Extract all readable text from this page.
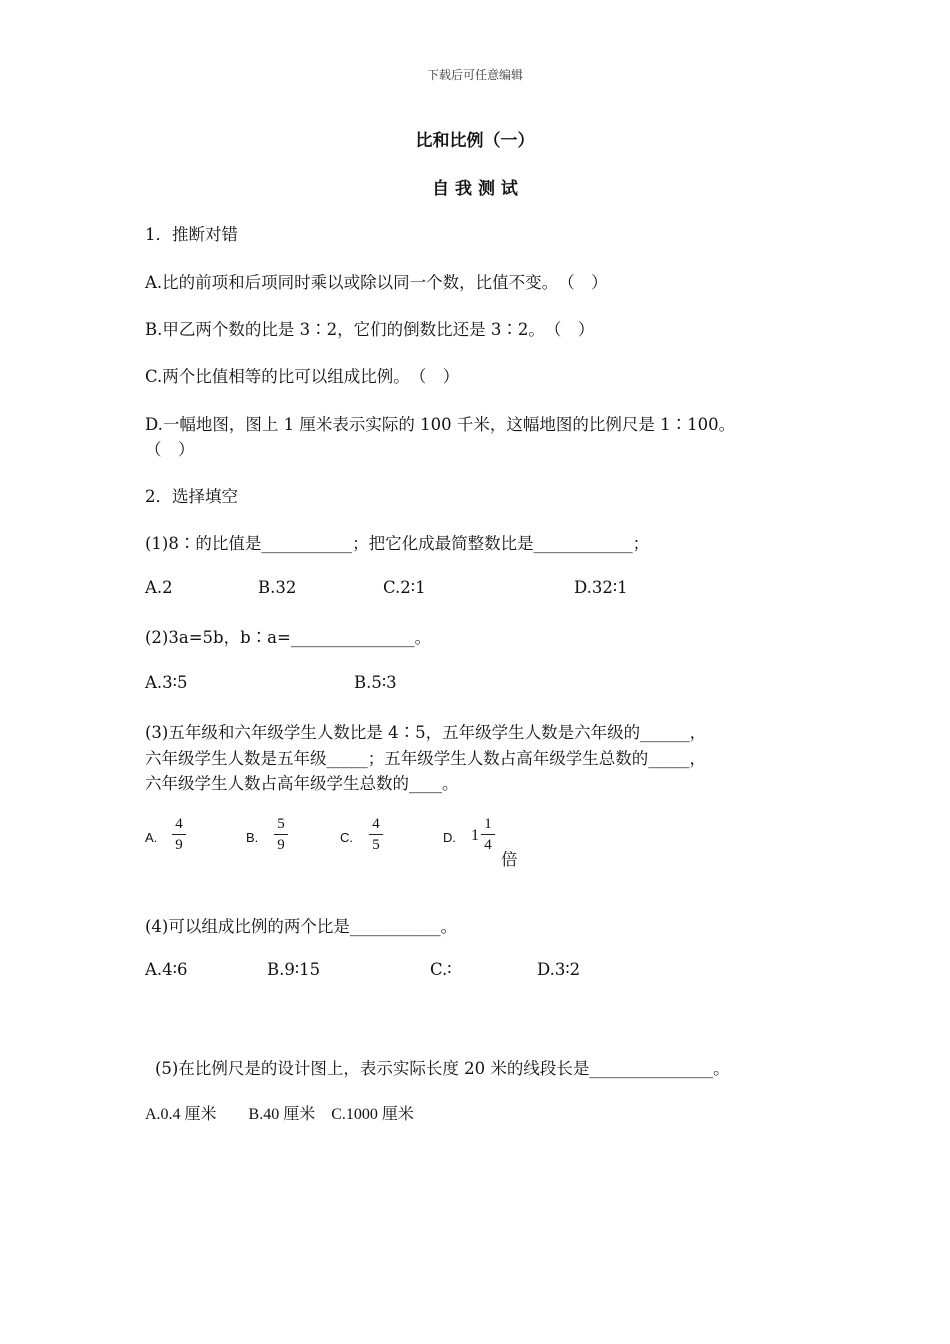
下载后可任意编辑
比和比例（一）
自 我 测 试
1．推断对错
A.比的前项和后项同时乘以或除以同一个数，比值不变。　（　）
B.甲乙两个数的比是 3∶2，它们的倒数比还是 3∶2。　（　）
C.两个比值相等的比可以组成比例。　（　）
D.一幅地图，图上 1 厘米表示实际的 100 千米，这幅地图的比例尺是 1∶100。
（　）
2．选择填空
(1)8∶的比值是___________；把它化成最简整数比是____________；
A.2	B.32	C.2∶1	D.32∶1
(2)3a=5b，b∶a=_______________。
A.3∶5	B.5∶3
(3)五年级和六年级学生人数比是 4∶5，五年级学生人数是六年级的______，
六年级学生人数是五年级_____；五年级学生人数占高年级学生总数的_____，
六年级学生人数占高年级学生总数的____。
A.
4
9	B.
5
9	C.
4
5	D. 1
1
4
倍
(4)可以组成比例的两个比是___________。
A.4∶6	B.9∶15	C.∶	D.3∶2
(5)在比例尺是的设计图上，表示实际长度 20 米的线段长是_______________。
A.0.4 厘米　　B.40 厘米　C.1000 厘米
